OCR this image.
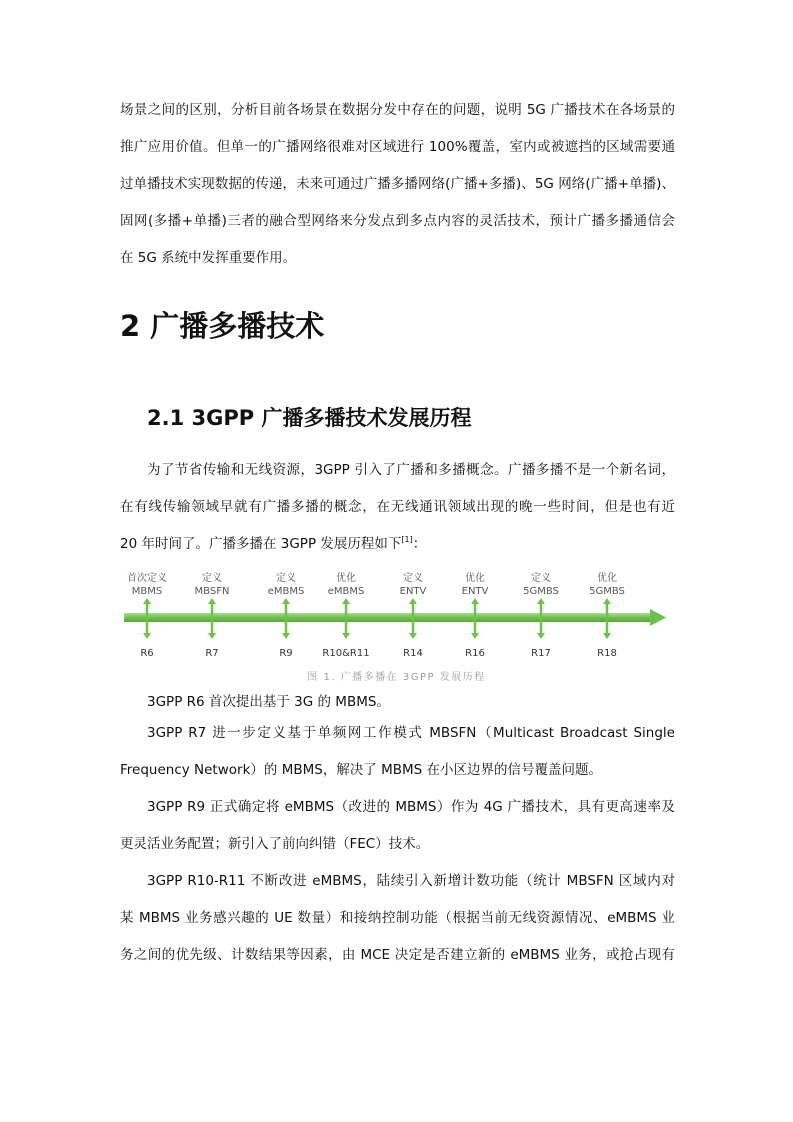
场景之间的区别，分析目前各场景在数据分发中存在的问题，说明 5G 广播技术在各场景的
推广应用价值。但单一的广播网络很难对区域进行 100%覆盖，室内或被遮挡的区域需要通
过单播技术实现数据的传递，未来可通过广播多播网络(广播+多播)、5G 网络(广播+单播)、
固网(多播+单播)三者的融合型网络来分发点到多点内容的灵活技术，预计广播多播通信会
在 5G 系统中发挥重要作用。

2 广播多播技术
2.1 3GPP 广播多播技术发展历程

为了节省传输和无线资源，3GPP 引入了广播和多播概念。广播多播不是一个新名词，
在有线传输领域早就有广播多播的概念，在无线通讯领域出现的晚一些时间，但是也有近
20 年时间了。广播多播在 3GPP 发展历程如下[1]：

首次定义
MBMS
R6
定义
MBSFN
R7
定义
eMBMS
R9
优化
eMBMS
R10&R11
定义
ENTV
R14
优化
ENTV
R16
定义
5GMBS
R17
优化
5GMBS
R18

图 1. 广播多播在 3GPP 发展历程

3GPP R6 首次提出基于 3G 的 MBMS。

3GPP R7 进一步定义基于单频网工作模式 MBSFN（Multicast Broadcast Single
Frequency Network）的 MBMS，解决了 MBMS 在小区边界的信号覆盖问题。

3GPP R9 正式确定将 eMBMS（改进的 MBMS）作为 4G 广播技术，具有更高速率及
更灵活业务配置；新引入了前向纠错（FEC）技术。

3GPP R10-R11 不断改进 eMBMS，陆续引入新增计数功能（统计 MBSFN 区域内对
某 MBMS 业务感兴趣的 UE 数量）和接纳控制功能（根据当前无线资源情况、eMBMS 业
务之间的优先级、计数结果等因素，由 MCE 决定是否建立新的 eMBMS 业务，或抢占现有
